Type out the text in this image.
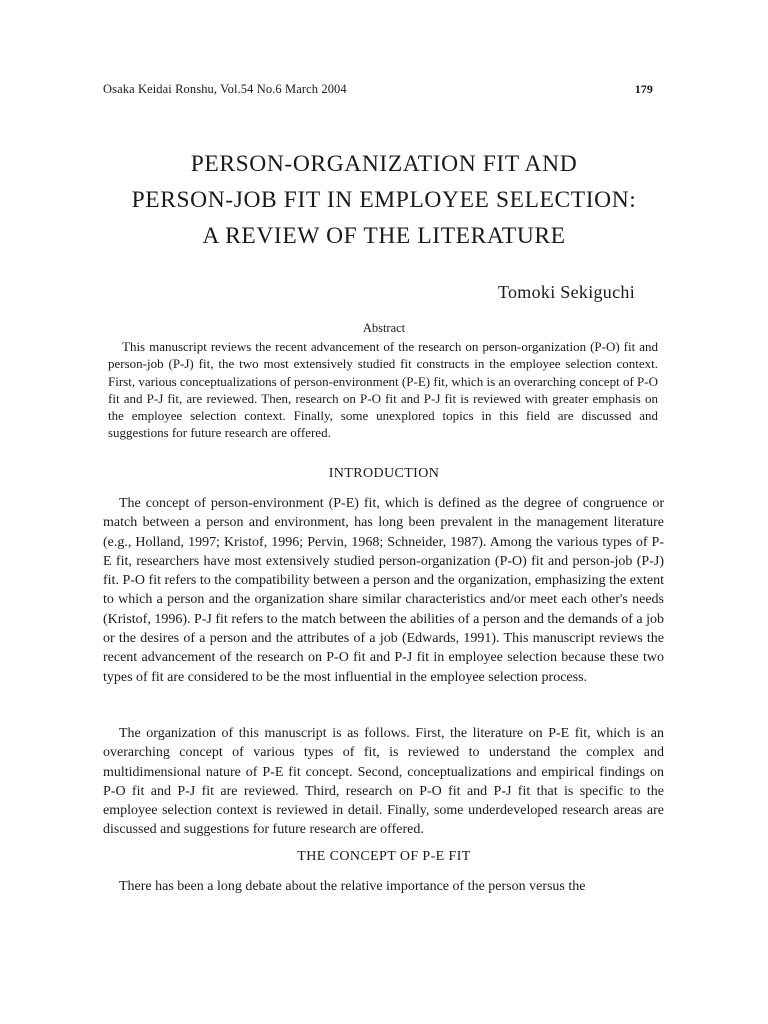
Osaka Keidai Ronshu, Vol.54 No.6 March 2004	179
PERSON-ORGANIZATION FIT AND
PERSON-JOB FIT IN EMPLOYEE SELECTION:
A REVIEW OF THE LITERATURE
Tomoki Sekiguchi
Abstract
This manuscript reviews the recent advancement of the research on person-organization (P-O) fit and person-job (P-J) fit, the two most extensively studied fit constructs in the employee selection context. First, various conceptualizations of person-environment (P-E) fit, which is an overarching concept of P-O fit and P-J fit, are reviewed. Then, research on P-O fit and P-J fit is reviewed with greater emphasis on the employee selection context. Finally, some unexplored topics in this field are discussed and suggestions for future research are offered.
INTRODUCTION
The concept of person-environment (P-E) fit, which is defined as the degree of congruence or match between a person and environment, has long been prevalent in the management literature (e.g., Holland, 1997; Kristof, 1996; Pervin, 1968; Schneider, 1987). Among the various types of P-E fit, researchers have most extensively studied person-organization (P-O) fit and person-job (P-J) fit. P-O fit refers to the compatibility between a person and the organization, emphasizing the extent to which a person and the organization share similar characteristics and/or meet each other's needs (Kristof, 1996). P-J fit refers to the match between the abilities of a person and the demands of a job or the desires of a person and the attributes of a job (Edwards, 1991). This manuscript reviews the recent advancement of the research on P-O fit and P-J fit in employee selection because these two types of fit are considered to be the most influential in the employee selection process.
The organization of this manuscript is as follows. First, the literature on P-E fit, which is an overarching concept of various types of fit, is reviewed to understand the complex and multidimensional nature of P-E fit concept. Second, conceptualizations and empirical findings on P-O fit and P-J fit are reviewed. Third, research on P-O fit and P-J fit that is specific to the employee selection context is reviewed in detail. Finally, some underdeveloped research areas are discussed and suggestions for future research are offered.
THE CONCEPT OF P-E FIT
There has been a long debate about the relative importance of the person versus the
